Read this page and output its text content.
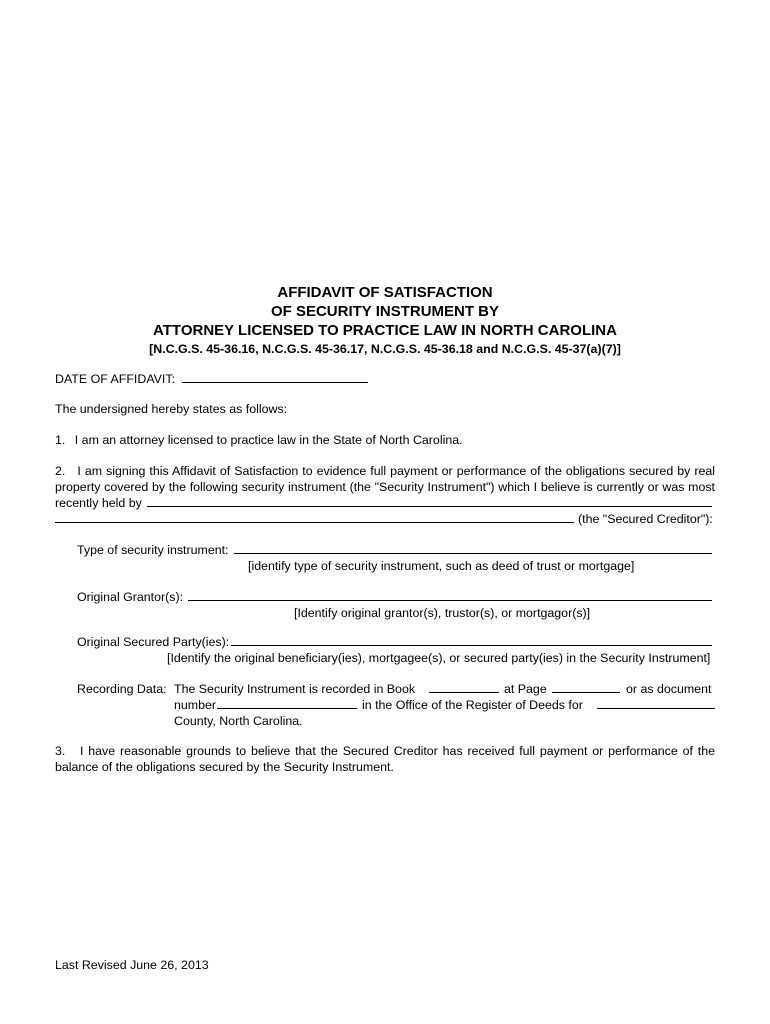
AFFIDAVIT OF SATISFACTION
OF SECURITY INSTRUMENT BY
ATTORNEY LICENSED TO PRACTICE LAW IN NORTH CAROLINA
[N.C.G.S. 45-36.16, N.C.G.S. 45-36.17, N.C.G.S. 45-36.18 and N.C.G.S. 45-37(a)(7)]
DATE OF AFFIDAVIT:
The undersigned hereby states as follows:
1. I am an attorney licensed to practice law in the State of North Carolina.
2. I am signing this Affidavit of Satisfaction to evidence full payment or performance of the obligations secured by real
property covered by the following security instrument (the "Security Instrument") which I believe is currently or was most
recently held by
(the "Secured Creditor"):
Type of security instrument:
[identify type of security instrument, such as deed of trust or mortgage]
Original Grantor(s):
[Identify original grantor(s), trustor(s), or mortgagor(s)]
Original Secured Party(ies):
[Identify the original beneficiary(ies), mortgagee(s), or secured party(ies) in the Security Instrument]
Recording Data: The Security Instrument is recorded in Book	at Page	or as document
number	in the Office of the Register of Deeds for
County, North Carolina.
3. I have reasonable grounds to believe that the Secured Creditor has received full payment or performance of the
balance of the obligations secured by the Security Instrument.
Last Revised June 26, 2013
